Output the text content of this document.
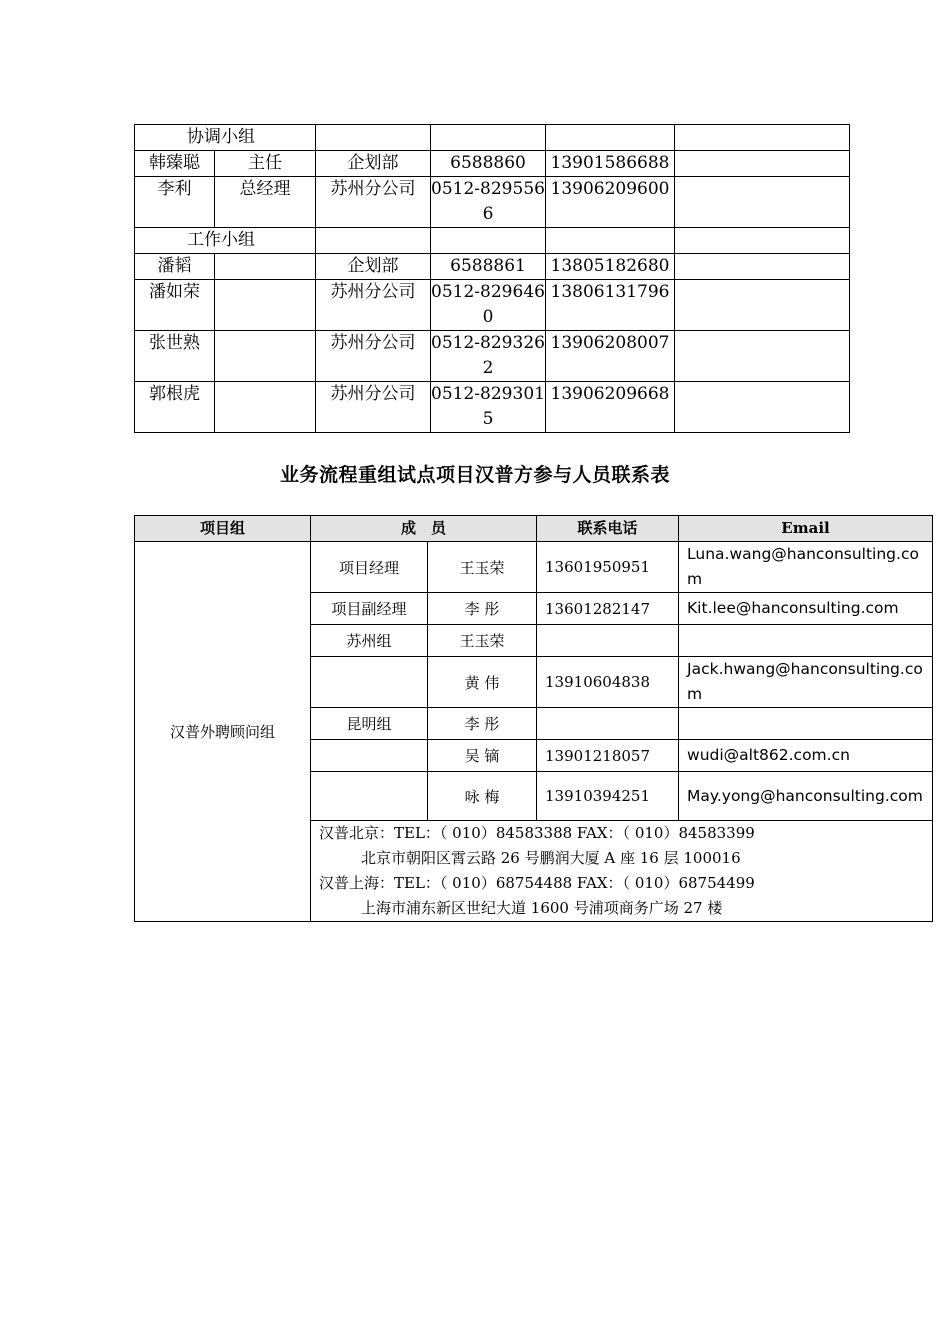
协调小组					
韩臻聪	主任	企划部	6588860	13901586688	
李利	总经理	苏州分公司	0512-8295566	13906209600	
工作小组					
潘韬		企划部	6588861	13805182680	
潘如荣		苏州分公司	0512-8296460	13806131796	
张世熟		苏州分公司	0512-8293262	13906208007	
郭根虎		苏州分公司	0512-8293015	13906209668	
业务流程重组试点项目汉普方参与人员联系表
项目组	成　员		联系电话	Email
汉普外聘顾问组	项目经理	王玉荣	13601950951	Luna.wang@hanconsulting.com
	项目副经理	李 彤	13601282147	Kit.lee@hanconsulting.com
	苏州组	王玉荣		
		黄 伟	13910604838	Jack.hwang@hanconsulting.com
	昆明组	李 彤		
		吴 镝	13901218057	wudi@alt862.com.cn
		咏 梅	13910394251	May.yong@hanconsulting.com

	汉普北京：TEL：（ 010）84583388 FAX：（ 010）84583399
北京市朝阳区霄云路 26 号鹏润大厦 A 座 16 层 100016
汉普上海：TEL：（ 010）68754488 FAX：（ 010）68754499
上海市浦东新区世纪大道 1600 号浦项商务广场 27 楼			
